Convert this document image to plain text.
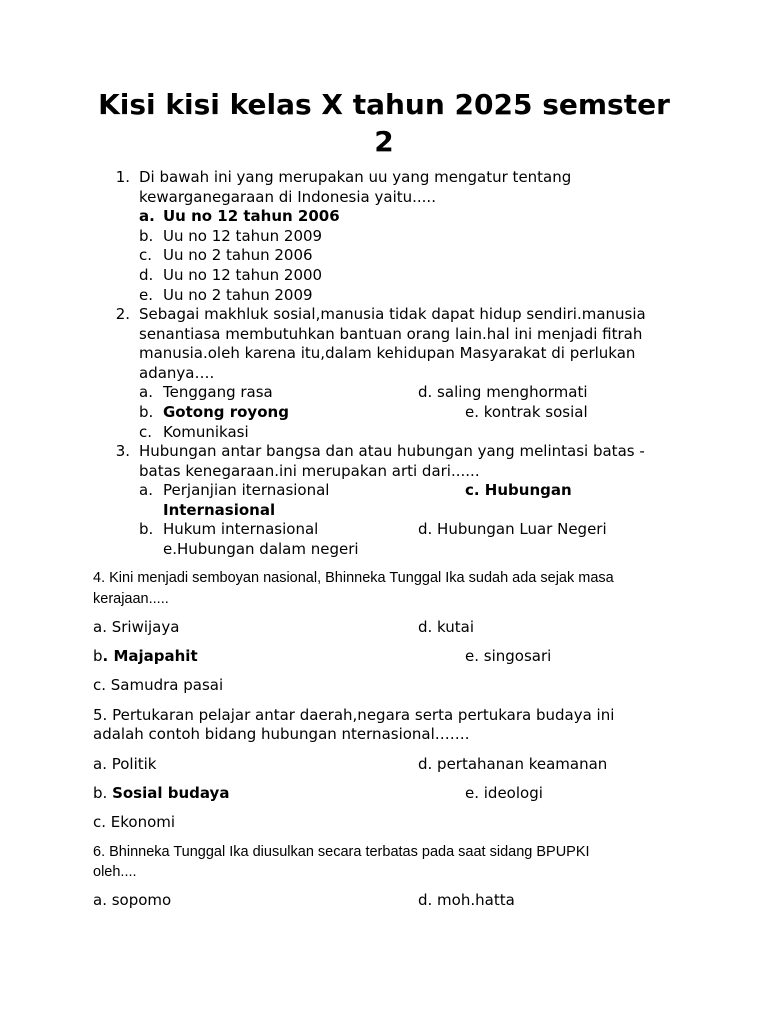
Kisi kisi kelas X tahun 2025 semster
2
1. Di bawah ini yang merupakan uu yang mengatur tentang
kewarganegaraan di Indonesia yaitu.....
a. Uu no 12 tahun 2006
b. Uu no 12 tahun 2009
c. Uu no 2 tahun 2006
d. Uu no 12 tahun 2000
e. Uu no 2 tahun 2009
2. Sebagai makhluk sosial,manusia tidak dapat hidup sendiri.manusia
senantiasa membutuhkan bantuan orang lain.hal ini menjadi fitrah
manusia.oleh karena itu,dalam kehidupan Masyarakat di perlukan
adanya….
a. Tenggang rasa	d. saling menghormati
b. Gotong royong	e. kontrak sosial
c. Komunikasi
3. Hubungan antar bangsa dan atau hubungan yang melintasi batas -
batas kenegaraan.ini merupakan arti dari......
a. Perjanjian iternasional	c. Hubungan
Internasional
b. Hukum internasional	d. Hubungan Luar Negeri
e.Hubungan dalam negeri
4. Kini menjadi semboyan nasional, Bhinneka Tunggal Ika sudah ada sejak masa
kerajaan.....
a. Sriwijaya	d. kutai
b. Majapahit	e. singosari
c. Samudra pasai
5. Pertukaran pelajar antar daerah,negara serta pertukara budaya ini
adalah contoh bidang hubungan nternasional…….
a. Politik	d. pertahanan keamanan
b. Sosial budaya	e. ideologi
c. Ekonomi
6. Bhinneka Tunggal Ika diusulkan secara terbatas pada saat sidang BPUPKI
oleh....
a. sopomo	d. moh.hatta
